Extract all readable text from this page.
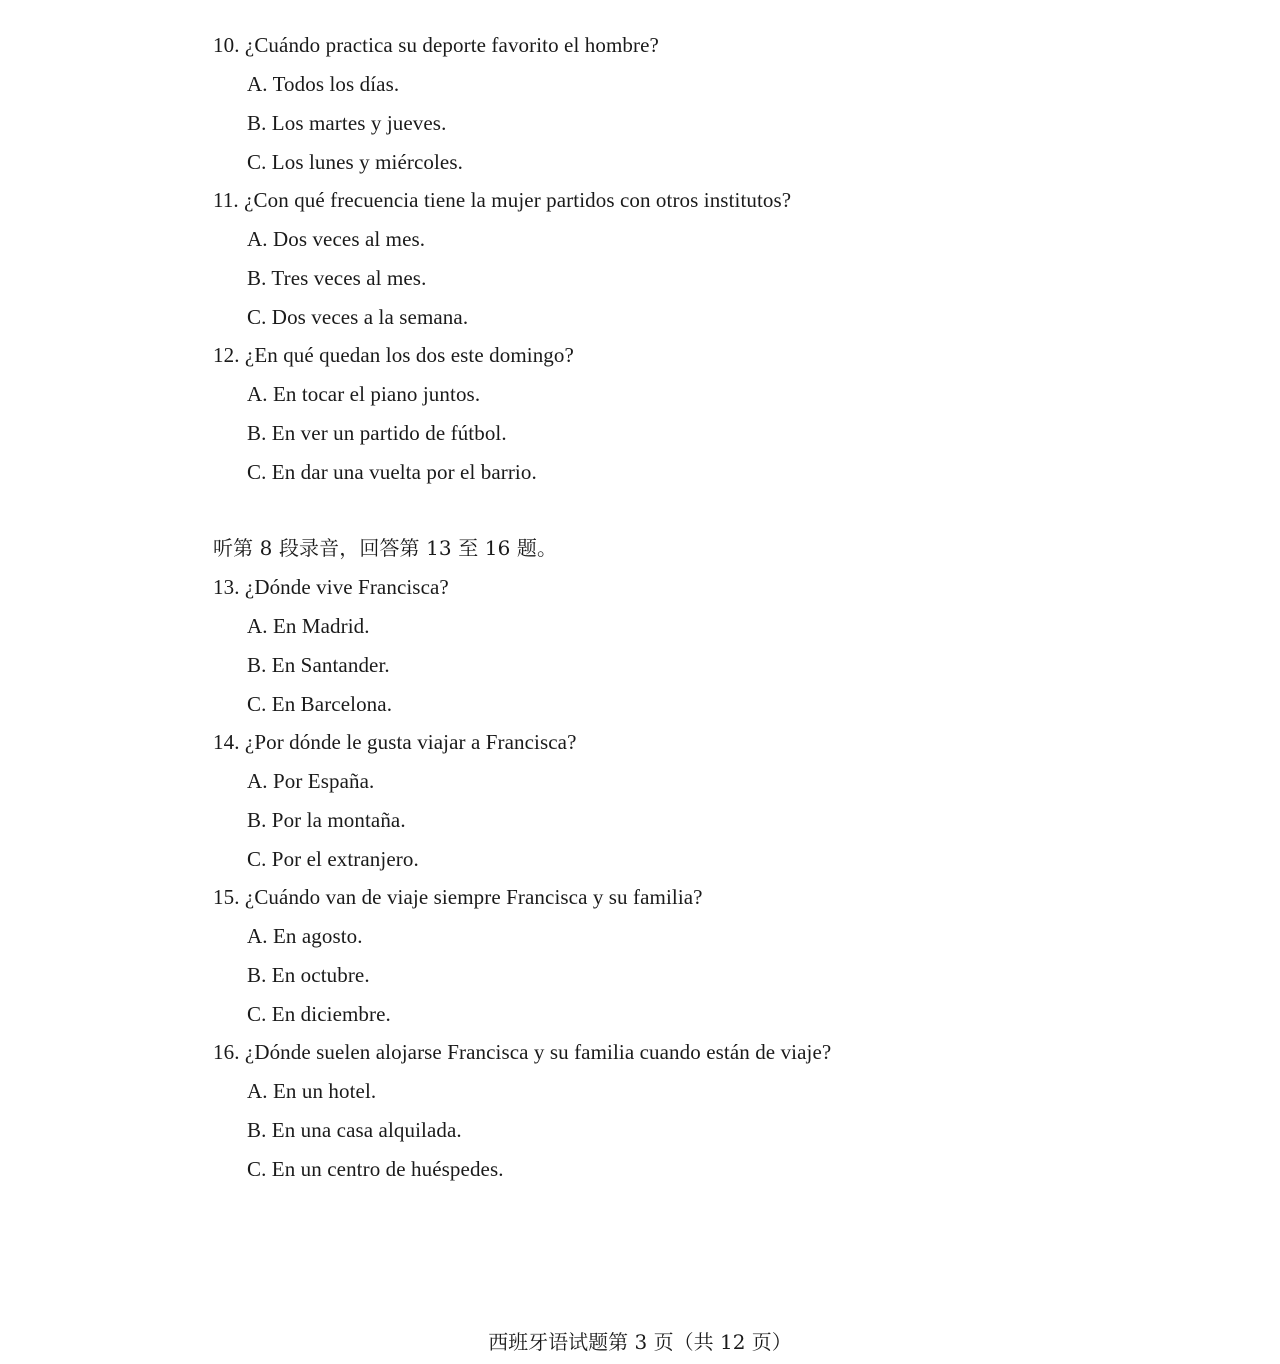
10. ¿Cuándo practica su deporte favorito el hombre?
A. Todos los días.
B. Los martes y jueves.
C. Los lunes y miércoles.
11. ¿Con qué frecuencia tiene la mujer partidos con otros institutos?
A. Dos veces al mes.
B. Tres veces al mes.
C. Dos veces a la semana.
12. ¿En qué quedan los dos este domingo?
A. En tocar el piano juntos.
B. En ver un partido de fútbol.
C. En dar una vuelta por el barrio.
听第 8 段录音，回答第 13 至 16 题。
13. ¿Dónde vive Francisca?
A. En Madrid.
B. En Santander.
C. En Barcelona.
14. ¿Por dónde le gusta viajar a Francisca?
A. Por España.
B. Por la montaña.
C. Por el extranjero.
15. ¿Cuándo van de viaje siempre Francisca y su familia?
A. En agosto.
B. En octubre.
C. En diciembre.
16. ¿Dónde suelen alojarse Francisca y su familia cuando están de viaje?
A. En un hotel.
B. En una casa alquilada.
C. En un centro de huéspedes.
西班牙语试题第 3 页（共 12 页）
